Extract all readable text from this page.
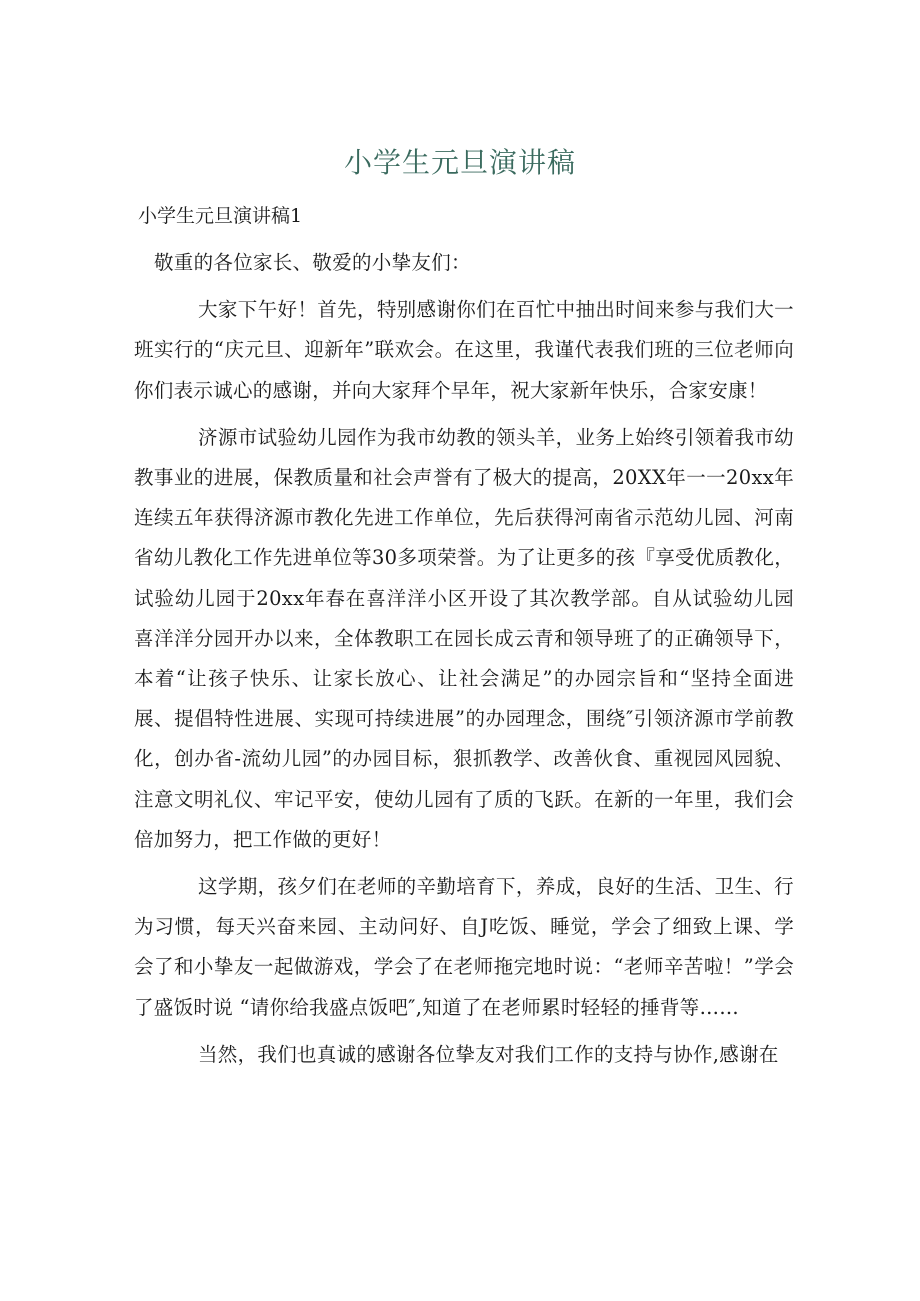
小学生元旦演讲稿

小学生元旦演讲稿1

敬重的各位家长、敬爱的小挚友们：

大家下午好！首先，特别感谢你们在百忙中抽出时间来参与我们大一班实行的“庆元旦、迎新年”联欢会。在这里，我谨代表我们班的三位老师向你们表示诚心的感谢，并向大家拜个早年，祝大家新年快乐，合家安康！

济源市试验幼儿园作为我市幼教的领头羊，业务上始终引领着我市幼教事业的进展，保教质量和社会声誉有了极大的提高，20XX年一一20xx年连续五年获得济源市教化先进工作单位，先后获得河南省示范幼儿园、河南省幼儿教化工作先进单位等30多项荣誉。为了让更多的孩『享受优质教化，试验幼儿园于20xx年春在喜洋洋小区开设了其次教学部。自从试验幼儿园喜洋洋分园开办以来，全体教职工在园长成云青和领导班了的正确领导下，本着“让孩子快乐、让家长放心、让社会满足”的办园宗旨和“坚持全面进展、提倡特性进展、实现可持续进展”的办园理念，围绕″引领济源市学前教化，创办省-流幼儿园”的办园目标，狠抓教学、改善伙食、重视园风园貌、注意文明礼仪、牢记平安，使幼儿园有了质的飞跃。在新的一年里，我们会倍加努力，把工作做的更好！

这学期，孩夕们在老师的辛勤培育下，养成，良好的生活、卫生、行为习惯，每天兴奋来园、主动问好、自J吃饭、睡觉，学会了细致上课、学会了和小挚友一起做游戏，学会了在老师拖完地时说：“老师辛苦啦！”学会了盛饭时说 “请你给我盛点饭吧″,知道了在老师累时轻轻的捶背等……

当然，我们也真诚的感谢各位挚友对我们工作的支持与协作,感谢在
